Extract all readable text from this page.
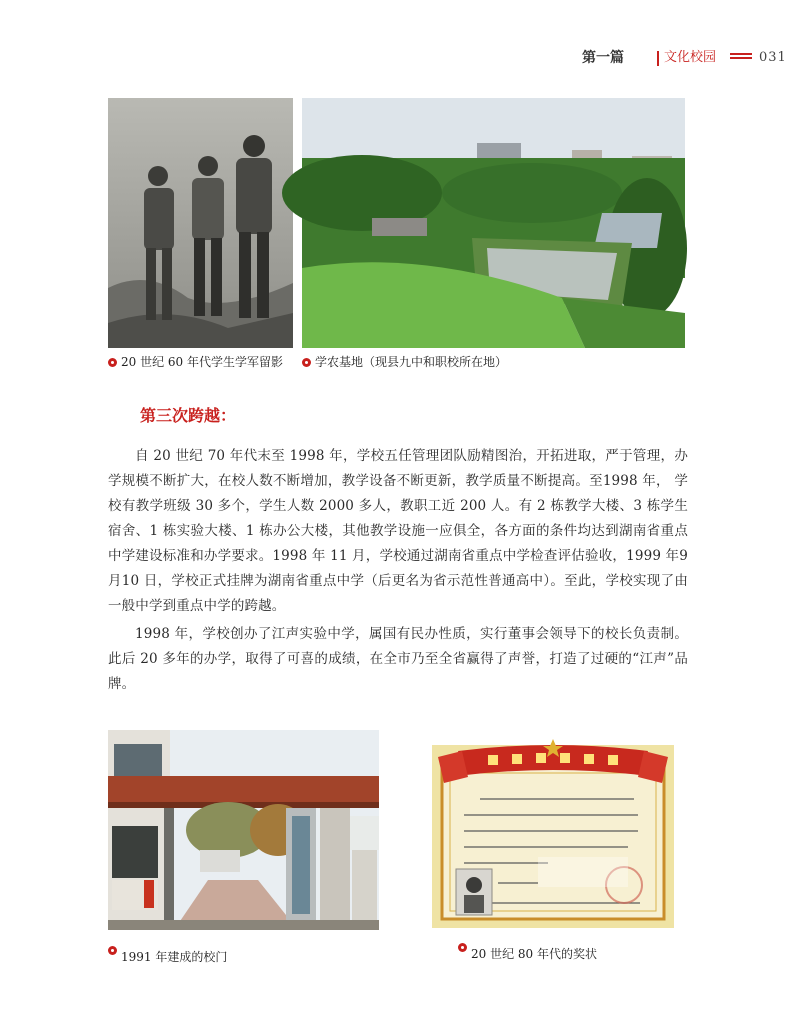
第一篇	文化校园	031
20 世纪 60 年代学生学军留影	学农基地（现县九中和职校所在地）
第三次跨越：

自 20 世纪 70 年代末至 1998 年，学校五任管理团队励精图治，开拓进取，严于管理，办学规模不断扩大，在校人数不断增加，教学设备不断更新，教学质量不断提高。至1998 年， 学校有教学班级 30 多个，学生人数 2000 多人，教职工近 200 人。有 2 栋教学大楼、3 栋学生宿舍、1 栋实验大楼、1 栋办公大楼，其他教学设施一应俱全，各方面的条件均达到湖南省重点中学建设标准和办学要求。1998 年 11 月，学校通过湖南省重点中学检查评估验收，1999 年9 月10 日，学校正式挂牌为湖南省重点中学（后更名为省示范性普通高中）。至此，学校实现了由一般中学到重点中学的跨越。

1998 年，学校创办了江声实验中学，属国有民办性质，实行董事会领导下的校长负责制。此后 20 多年的办学，取得了可喜的成绩，在全市乃至全省赢得了声誉，打造了过硬的“江声”品牌。

1991 年建成的校门	20 世纪 80 年代的奖状
